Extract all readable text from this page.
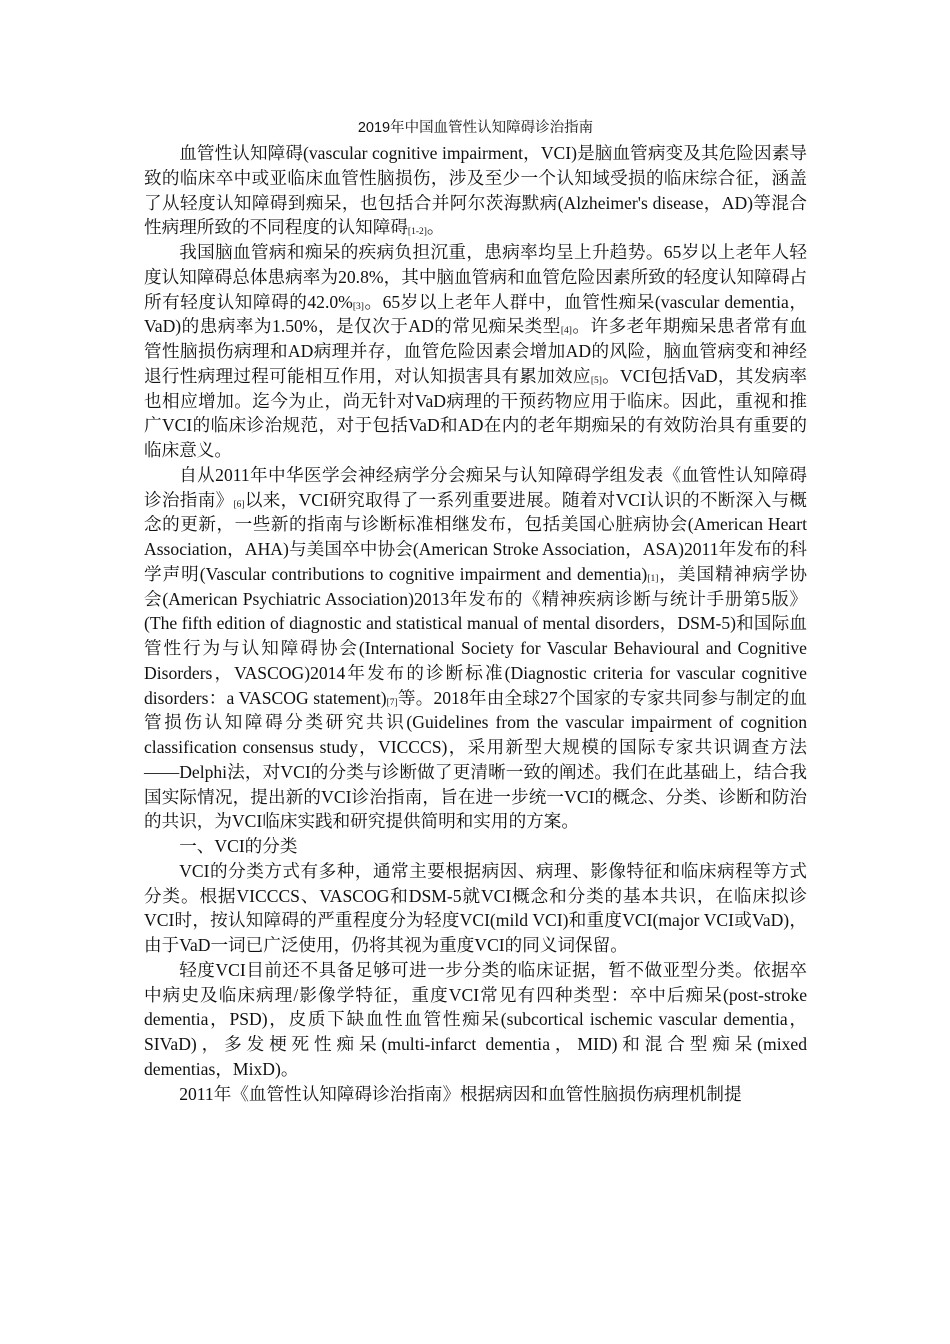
2019年中国血管性认知障碍诊治指南

血管性认知障碍(vascular cognitive impairment，VCI)是脑血管病变及其危险因素导致的临床卒中或亚临床血管性脑损伤，涉及至少一个认知域受损的临床综合征，涵盖了从轻度认知障碍到痴呆，也包括合并阿尔茨海默病(Alzheimer's disease，AD)等混合性病理所致的不同程度的认知障碍[1-2]。

我国脑血管病和痴呆的疾病负担沉重，患病率均呈上升趋势。65岁以上老年人轻度认知障碍总体患病率为20.8%，其中脑血管病和血管危险因素所致的轻度认知障碍占所有轻度认知障碍的42.0%[3]。65岁以上老年人群中，血管性痴呆(vascular dementia，VaD)的患病率为1.50%，是仅次于AD的常见痴呆类型[4]。许多老年期痴呆患者常有血管性脑损伤病理和AD病理并存，血管危险因素会增加AD的风险，脑血管病变和神经退行性病理过程可能相互作用，对认知损害具有累加效应[5]。VCI包括VaD，其发病率也相应增加。迄今为止，尚无针对VaD病理的干预药物应用于临床。因此，重视和推广VCI的临床诊治规范，对于包括VaD和AD在内的老年期痴呆的有效防治具有重要的临床意义。

自从2011年中华医学会神经病学分会痴呆与认知障碍学组发表《血管性认知障碍诊治指南》[6]以来，VCI研究取得了一系列重要进展。随着对VCI认识的不断深入与概念的更新，一些新的指南与诊断标准相继发布，包括美国心脏病协会(American Heart Association，AHA)与美国卒中协会(American Stroke Association，ASA)2011年发布的科学声明(Vascular contributions to cognitive impairment and dementia)[1]，美国精神病学协会(American Psychiatric Association)2013年发布的《精神疾病诊断与统计手册第5版》(The fifth edition of diagnostic and statistical manual of mental disorders，DSM-5)和国际血管性行为与认知障碍协会(International Society for Vascular Behavioural and Cognitive Disorders，VASCOG)2014年发布的诊断标准(Diagnostic criteria for vascular cognitive disorders：a VASCOG statement)[7]等。2018年由全球27个国家的专家共同参与制定的血管损伤认知障碍分类研究共识(Guidelines from the vascular impairment of cognition classification consensus study，VICCCS)，采用新型大规模的国际专家共识调查方法——Delphi法，对VCI的分类与诊断做了更清晰一致的阐述。我们在此基础上，结合我国实际情况，提出新的VCI诊治指南，旨在进一步统一VCI的概念、分类、诊断和防治的共识，为VCI临床实践和研究提供简明和实用的方案。

一、VCI的分类

VCI的分类方式有多种，通常主要根据病因、病理、影像特征和临床病程等方式分类。根据VICCCS、VASCOG和DSM-5就VCI概念和分类的基本共识，在临床拟诊VCI时，按认知障碍的严重程度分为轻度VCI(mild VCI)和重度VCI(major VCI或VaD)，由于VaD一词已广泛使用，仍将其视为重度VCI的同义词保留。

轻度VCI目前还不具备足够可进一步分类的临床证据，暂不做亚型分类。依据卒中病史及临床病理/影像学特征，重度VCI常见有四种类型：卒中后痴呆(post-stroke dementia，PSD)，皮质下缺血性血管性痴呆(subcortical ischemic vascular dementia，SIVaD)，多发梗死性痴呆(multi-infarct dementia，MID)和混合型痴呆(mixed dementias，MixD)。

2011年《血管性认知障碍诊治指南》根据病因和血管性脑损伤病理机制提
